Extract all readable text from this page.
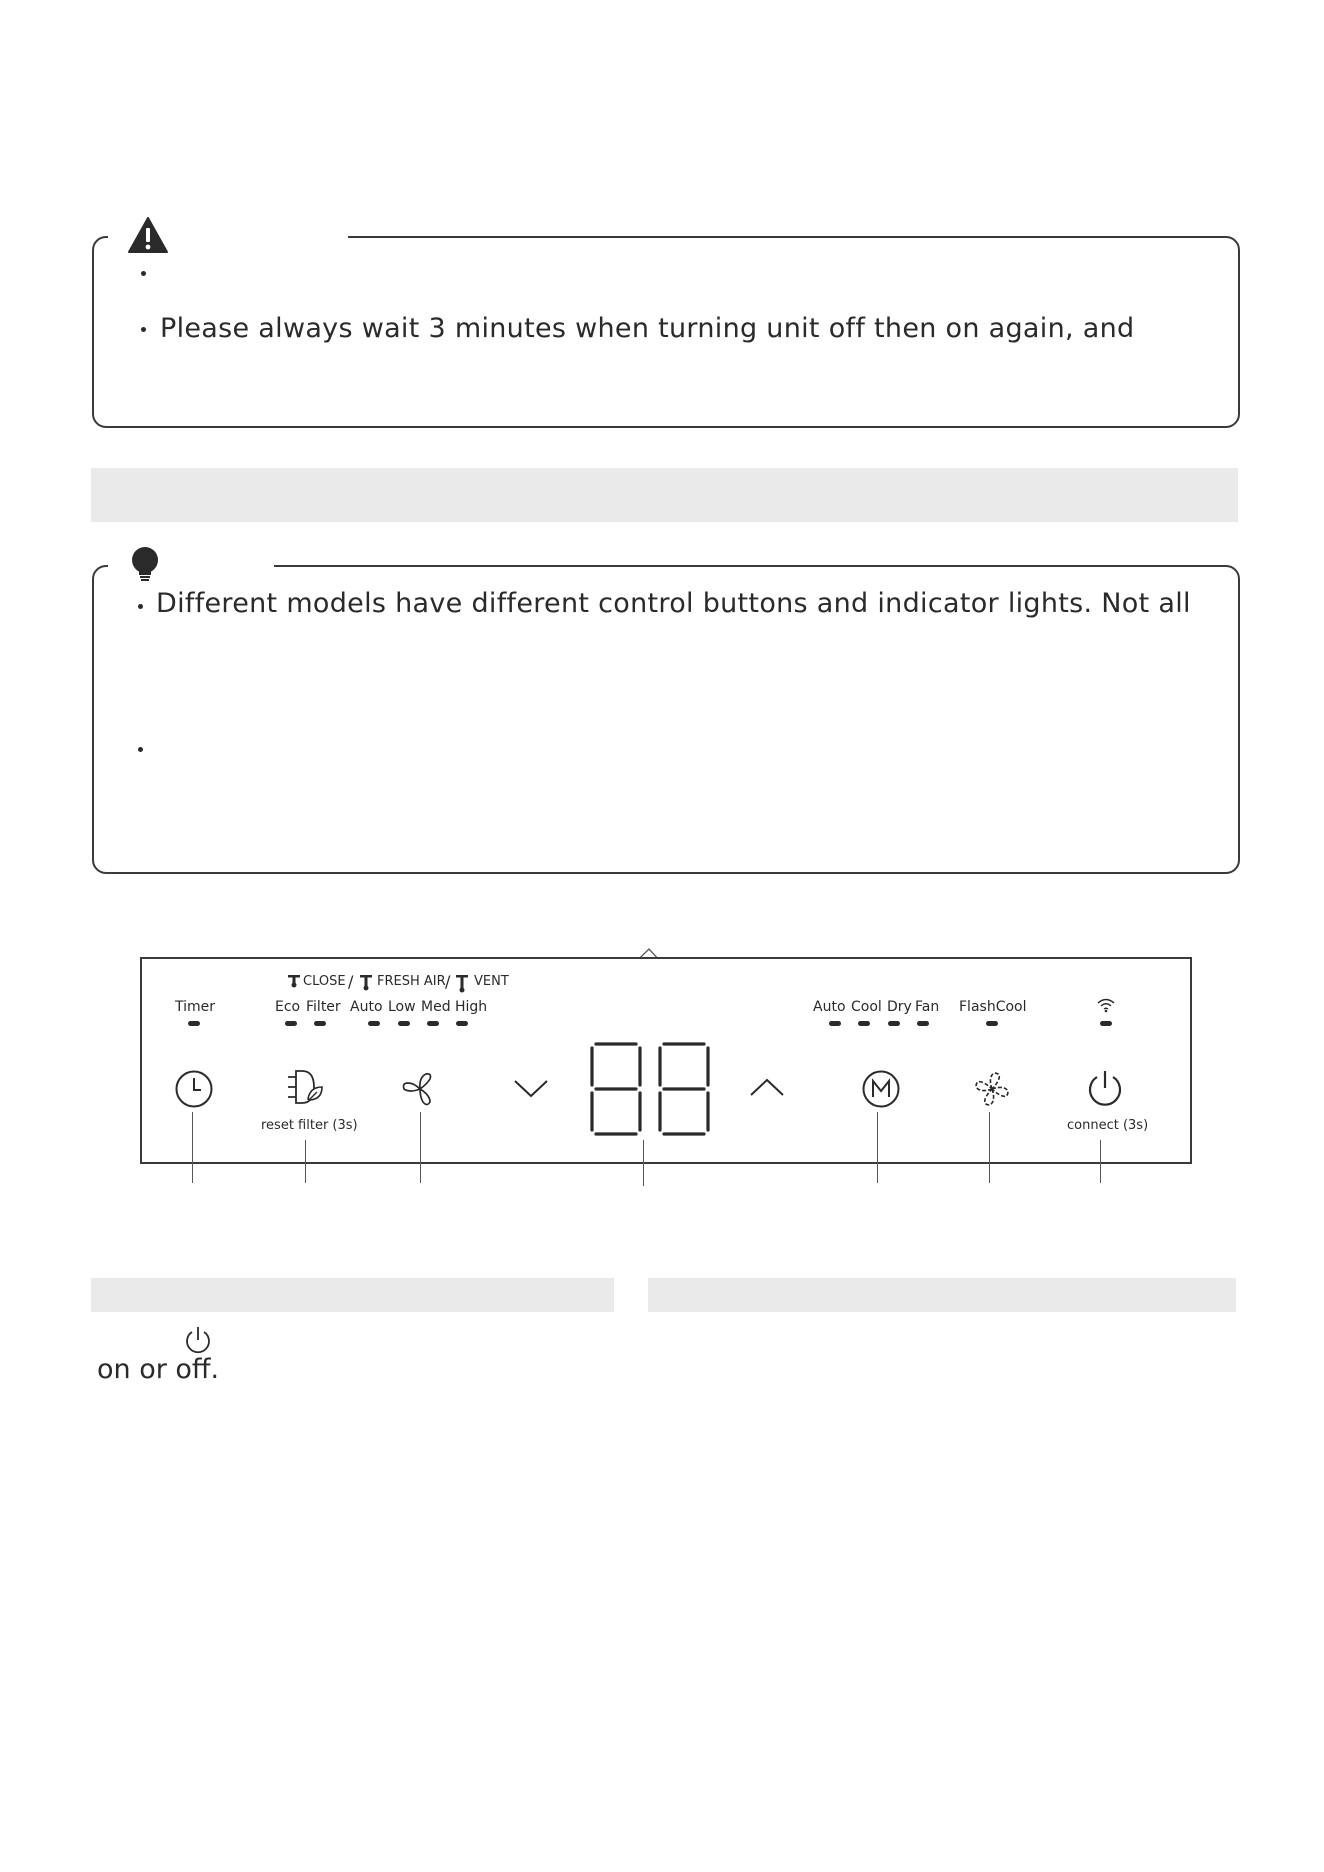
Please always wait 3 minutes when turning unit off then on again, and
Different models have different control buttons and indicator lights. Not all
CLOSE / FRESH AIR / VENT
Timer	Eco Filter Auto Low Med High	Auto Cool Dry Fan FlashCool
reset filter (3s)	connect (3s)
on or off.
